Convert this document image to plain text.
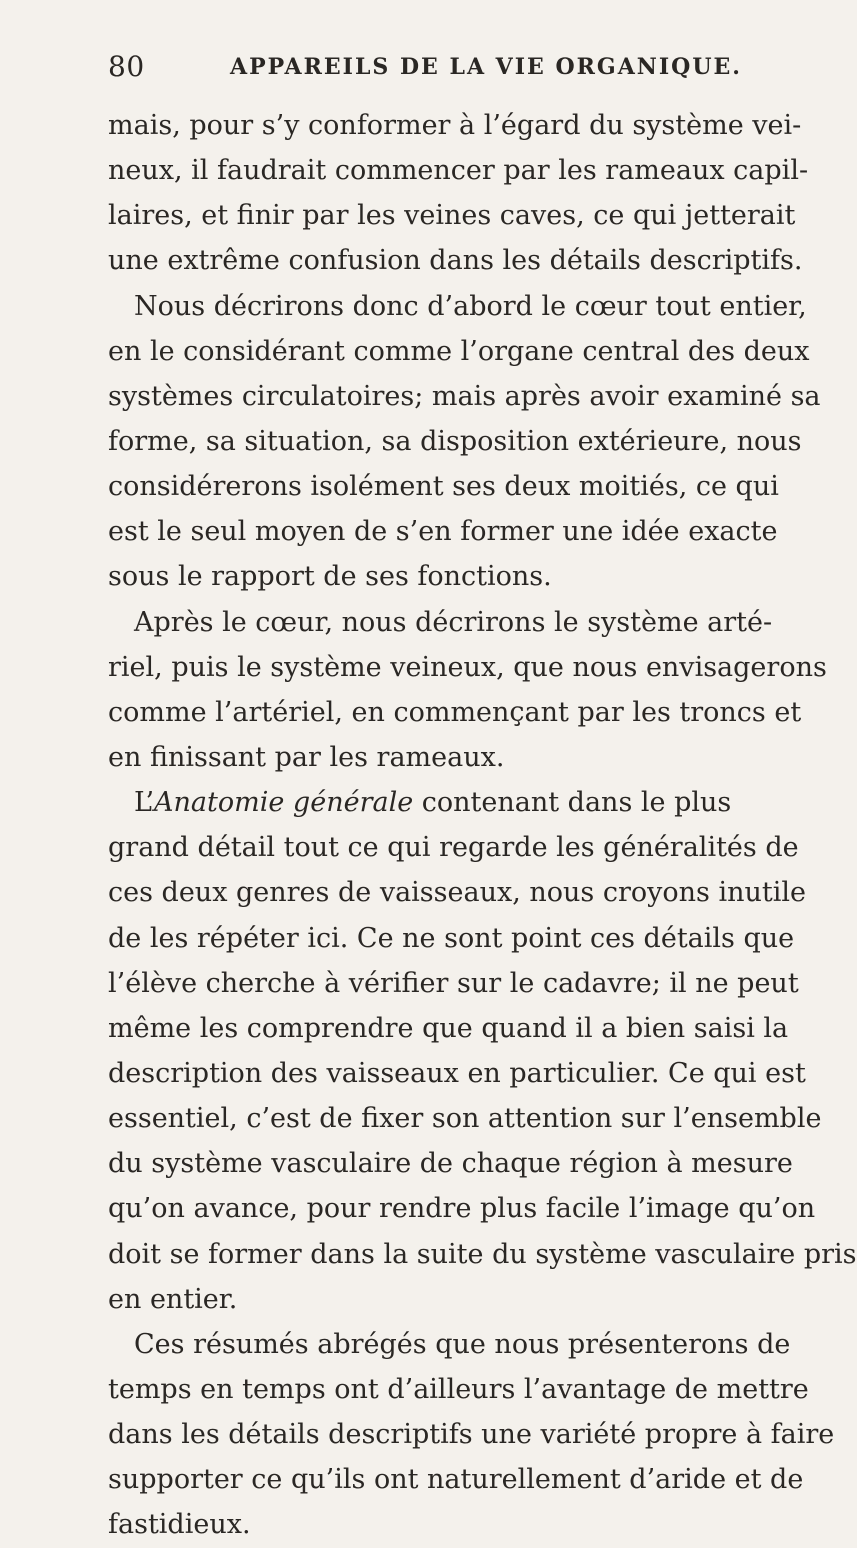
80	APPAREILS DE LA VIE ORGANIQUE.
mais, pour s’y conformer à l’égard du système vei-
neux, il faudrait commencer par les rameaux capil-
laires, et finir par les veines caves, ce qui jetterait
une extrême confusion dans les détails descriptifs.
Nous décrirons donc d’abord le cœur tout entier,
en le considérant comme l’organe central des deux
systèmes circulatoires; mais après avoir examiné sa
forme, sa situation, sa disposition extérieure, nous
considérerons isolément ses deux moitiés, ce qui
est le seul moyen de s’en former une idée exacte
sous le rapport de ses fonctions.
Après le cœur, nous décrirons le système arté-
riel, puis le système veineux, que nous envisagerons
comme l’artériel, en commençant par les troncs et
en finissant par les rameaux.
L’Anatomie générale contenant dans le plus
grand détail tout ce qui regarde les généralités de
ces deux genres de vaisseaux, nous croyons inutile
de les répéter ici. Ce ne sont point ces détails que
l’élève cherche à vérifier sur le cadavre; il ne peut
même les comprendre que quand il a bien saisi la
description des vaisseaux en particulier. Ce qui est
essentiel, c’est de fixer son attention sur l’ensemble
du système vasculaire de chaque région à mesure
qu’on avance, pour rendre plus facile l’image qu’on
doit se former dans la suite du système vasculaire pris
en entier.
Ces résumés abrégés que nous présenterons de
temps en temps ont d’ailleurs l’avantage de mettre
dans les détails descriptifs une variété propre à faire
supporter ce qu’ils ont naturellement d’aride et de
fastidieux.
